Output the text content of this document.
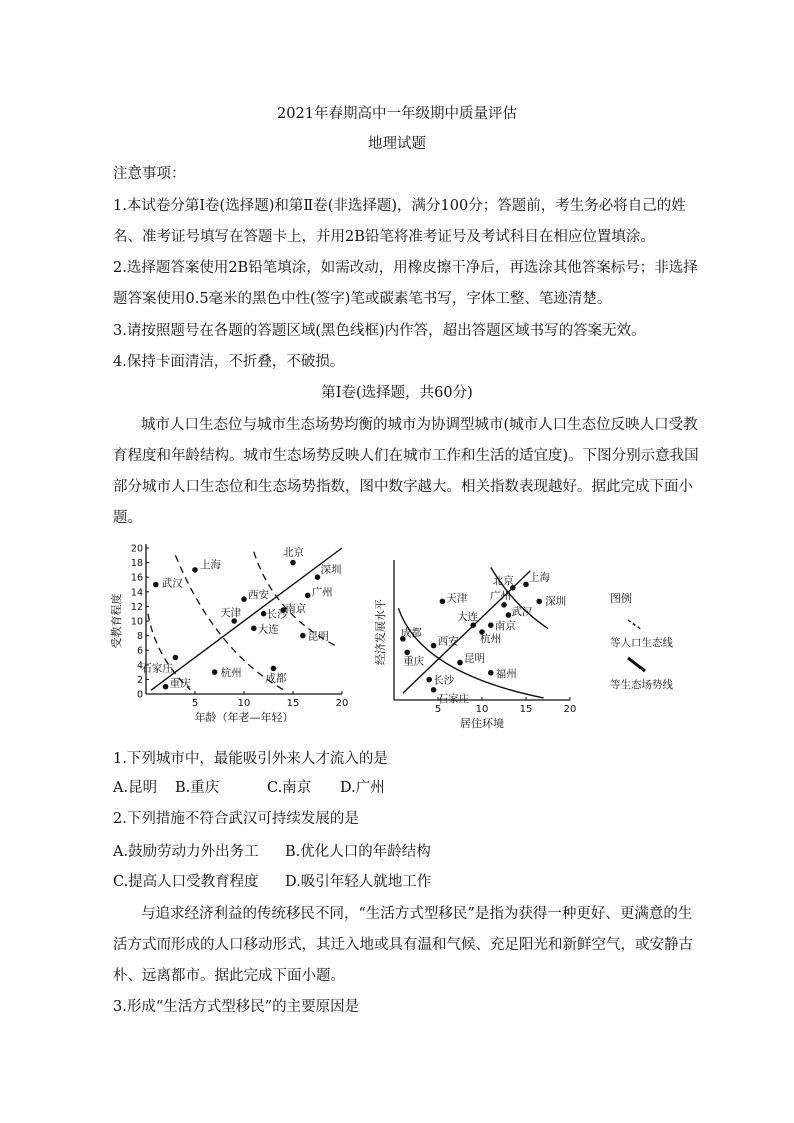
2021年春期高中一年级期中质量评估
地理试题
注意事项：
1.本试卷分第Ⅰ卷(选择题)和第Ⅱ卷(非选择题)，满分100分；答题前，考生务必将自己的姓
名、准考证号填写在答题卡上，并用2B铅笔将准考证号及考试科目在相应位置填涂。
2.选择题答案使用2B铅笔填涂，如需改动，用橡皮擦干净后，再选涂其他答案标号；非选择
题答案使用0.5毫米的黑色中性(签字)笔或碳素笔书写，字体工整、笔迹清楚。
3.请按照题号在各题的答题区域(黑色线框)内作答，超出答题区域书写的答案无效。
4.保持卡面清洁，不折叠，不破损。
第Ⅰ卷(选择题，共60分)
城市人口生态位与城市生态场势均衡的城市为协调型城市(城市人口生态位反映人口受教
育程度和年龄结构。城市生态场势反映人们在城市工作和生活的适宜度)。下图分别示意我国
部分城市人口生态位和生态场势指数，图中数字越大。相关指数表现越好。据此完成下面小
题。
5	10	15	20
0
2
4
6
8
10
12
14
16
18
20
年龄（年老—年轻）
受教育程度
北京
上海	深圳
武汉
广州
西安
南京
天津 长沙
大连
昆明
石家庄	杭州 成都
重庆
5	10	15	20
居住环境
经济发展水平
上海
北京
广州	深圳
天津
武汉
大连
南京
杭州
成都
西安
重庆	昆明
福州
长沙
石家庄
图例
等人口生态线
等生态场势线
1.下列城市中，最能吸引外来人才流入的是
A.昆明 B.重庆	C.南京 D.广州
2.下列措施不符合武汉可持续发展的是
A.鼓励劳动力外出务工 B.优化人口的年龄结构
C.提高人口受教育程度 D.吸引年轻人就地工作
与追求经济利益的传统移民不同，“生活方式型移民”是指为获得一种更好、更满意的生
活方式而形成的人口移动形式，其迁入地或具有温和气候、充足阳光和新鲜空气，或安静古
朴、远离都市。据此完成下面小题。
3.形成“生活方式型移民”的主要原因是
